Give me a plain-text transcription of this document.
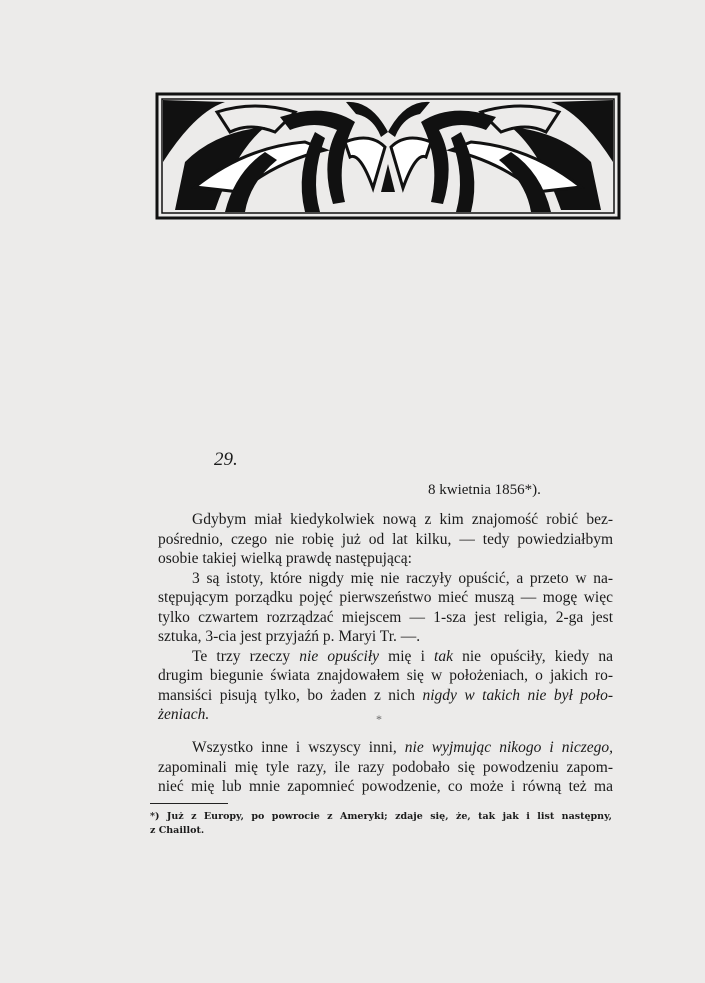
29.
8 kwietnia 1856*).
Gdybym miał kiedykolwiek nową z kim znajomość robić bez-
pośrednio, czego nie robię już od lat kilku, — tedy powiedziałbym
osobie takiej wielką prawdę następującą:
3 są istoty, które nigdy mię nie raczyły opuścić, a przeto w na-
stępującym porządku pojęć pierwszeństwo mieć muszą — mogę więc
tylko czwartem rozrządzać miejscem — 1-sza jest religia, 2-ga jest
sztuka, 3-cia jest przyjaźń p. Maryi Tr. —.
Te trzy rzeczy nie opuściły mię i tak nie opuściły, kiedy na
drugim biegunie świata znajdowałem się w położeniach, o jakich ro-
mansiści pisują tylko, bo żaden z nich nigdy w takich nie był poło-
żeniach.	*
Wszystko inne i wszyscy inni, nie wyjmując nikogo i niczego,
zapominali mię tyle razy, ile razy podobało się powodzeniu zapom-
nieć mię lub mnie zapomnieć powodzenie, co może i równą też ma
*) Już z Europy, po powrocie z Ameryki; zdaje się, że, tak jak i list następny,
z Chaillot.
